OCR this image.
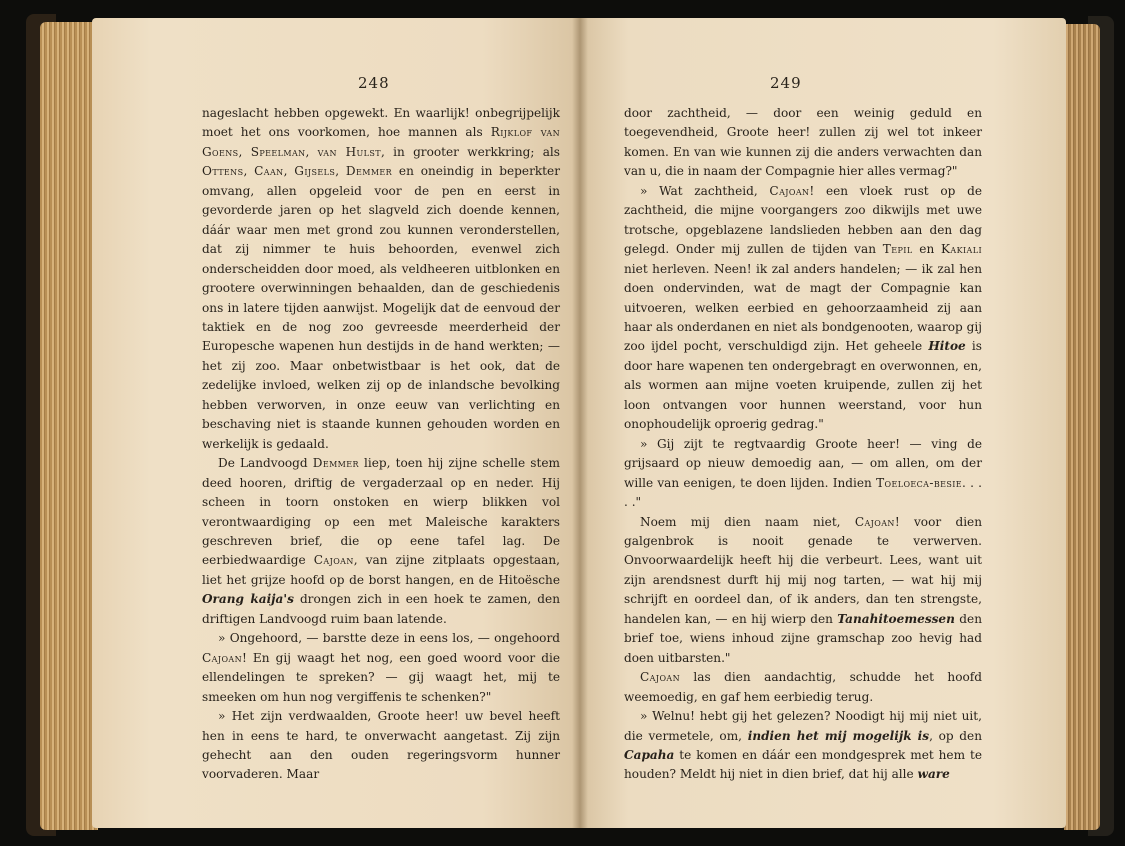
248

nageslacht hebben opgewekt. En waarlijk! onbegrijpelijk moet het ons voorkomen, hoe mannen als Rijklof van Goens, Speelman, van Hulst, in grooter werkkring; als Ottens, Caan, Gijsels, Demmer en oneindig in beperkter omvang, allen opgeleid voor de pen en eerst in gevorderde jaren op het slagveld zich doende kennen, dáár waar men met grond zou kunnen veronderstellen, dat zij nimmer te huis behoorden, evenwel zich onderscheidden door moed, als veldheeren uitblonken en grootere overwinningen behaalden, dan de geschiedenis ons in latere tijden aanwijst. Mogelijk dat de eenvoud der taktiek en de nog zoo gevreesde meerderheid der Europesche wapenen hun destijds in de hand werkten; — het zij zoo. Maar onbetwistbaar is het ook, dat de zedelijke invloed, welken zij op de inlandsche bevolking hebben verworven, in onze eeuw van verlichting en beschaving niet is staande kunnen gehouden worden en werkelijk is gedaald.

De Landvoogd Demmer liep, toen hij zijne schelle stem deed hooren, driftig de vergaderzaal op en neder. Hij scheen in toorn onstoken en wierp blikken vol verontwaardiging op een met Maleische karakters geschreven brief, die op eene tafel lag. De eerbiedwaardige Cajoan, van zijne zitplaats opgestaan, liet het grijze hoofd op de borst hangen, en de Hitoësche Orang kaija's drongen zich in een hoek te zamen, den driftigen Landvoogd ruim baan latende.

» Ongehoord, — barstte deze in eens los, — ongehoord Cajoan! En gij waagt het nog, een goed woord voor die ellendelingen te spreken? — gij waagt het, mij te smeeken om hun nog vergiffenis te schenken?"

» Het zijn verdwaalden, Groote heer! uw bevel heeft hen in eens te hard, te onverwacht aangetast. Zij zijn gehecht aan den ouden regeringsvorm hunner voorvaderen. Maar

249

door zachtheid, — door een weinig geduld en toegevendheid, Groote heer! zullen zij wel tot inkeer komen. En van wie kunnen zij die anders verwachten dan van u, die in naam der Compagnie hier alles vermag?"

» Wat zachtheid, Cajoan! een vloek rust op de zachtheid, die mijne voorgangers zoo dikwijls met uwe trotsche, opgeblazene landslieden hebben aan den dag gelegd. Onder mij zullen de tijden van Tepil en Kakiali niet herleven. Neen! ik zal anders handelen; — ik zal hen doen ondervinden, wat de magt der Compagnie kan uitvoeren, welken eerbied en gehoorzaamheid zij aan haar als onderdanen en niet als bondgenooten, waarop gij zoo ijdel pocht, verschuldigd zijn. Het geheele Hitoe is door hare wapenen ten ondergebragt en overwonnen, en, als wormen aan mijne voeten kruipende, zullen zij het loon ontvangen voor hunnen weerstand, voor hun onophoudelijk oproerig gedrag."

» Gij zijt te regtvaardig Groote heer! — ving de grijsaard op nieuw demoedig aan, — om allen, om der wille van eenigen, te doen lijden. Indien Toeloeca-besie. . . . ."

Noem mij dien naam niet, Cajoan! voor dien galgenbrok is nooit genade te verwerven. Onvoorwaardelijk heeft hij die verbeurt. Lees, want uit zijn arendsnest durft hij mij nog tarten, — wat hij mij schrijft en oordeel dan, of ik anders, dan ten strengste, handelen kan, — en hij wierp den Tanahitoemessen den brief toe, wiens inhoud zijne gramschap zoo hevig had doen uitbarsten."

Cajoan las dien aandachtig, schudde het hoofd weemoedig, en gaf hem eerbiedig terug.

» Welnu! hebt gij het gelezen? Noodigt hij mij niet uit, die vermetele, om, indien het mij mogelijk is, op den Capaha te komen en dáár een mondgesprek met hem te houden? Meldt hij niet in dien brief, dat hij alle ware
